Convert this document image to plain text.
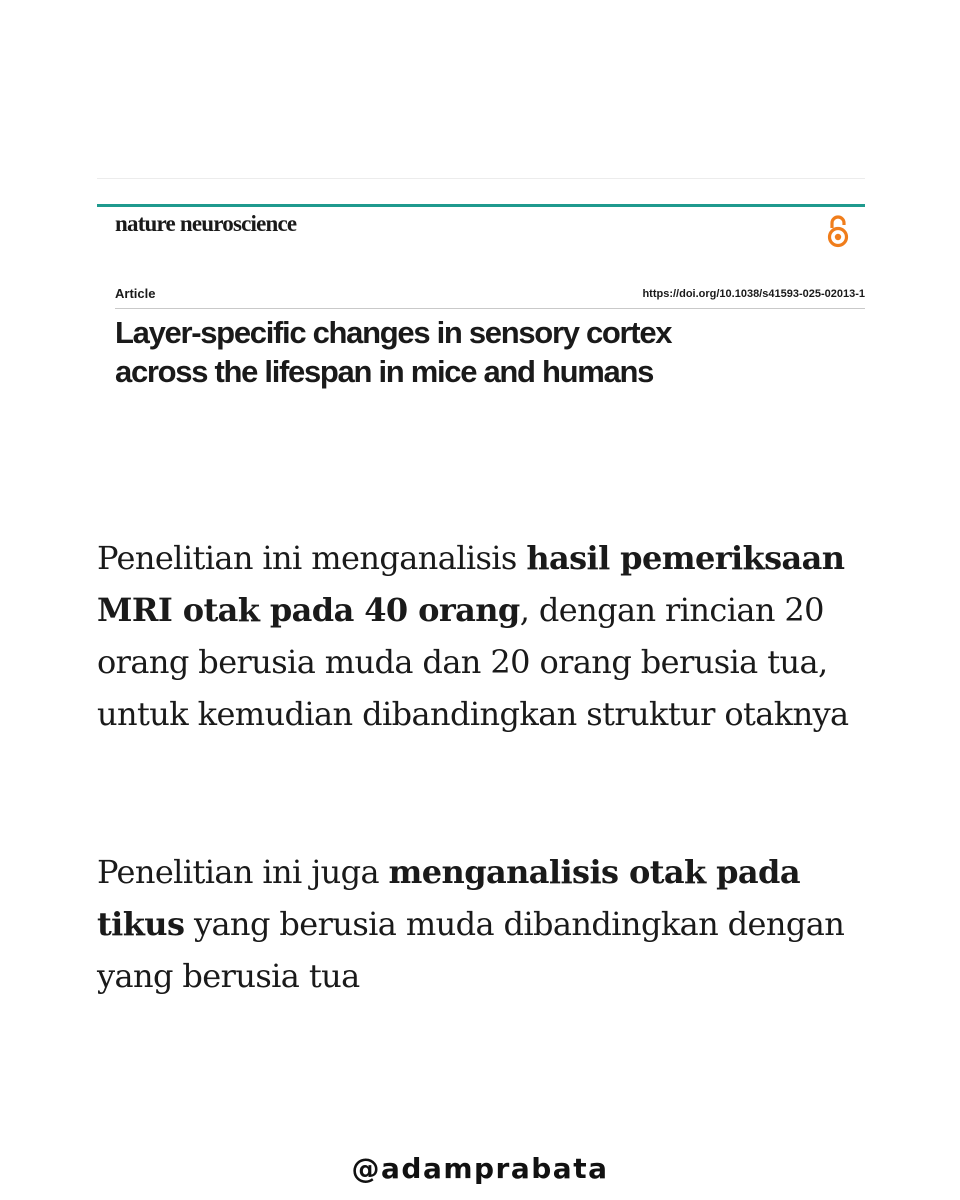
nature neuroscience
Article	https://doi.org/10.1038/s41593-025-02013-1
Layer-specific changes in sensory cortex
across the lifespan in mice and humans

Penelitian ini menganalisis hasil pemeriksaan MRI otak pada 40 orang, dengan rincian 20 orang berusia muda dan 20 orang berusia tua, untuk kemudian dibandingkan struktur otaknya

Penelitian ini juga menganalisis otak pada tikus yang berusia muda dibandingkan dengan yang berusia tua

@adamprabata
